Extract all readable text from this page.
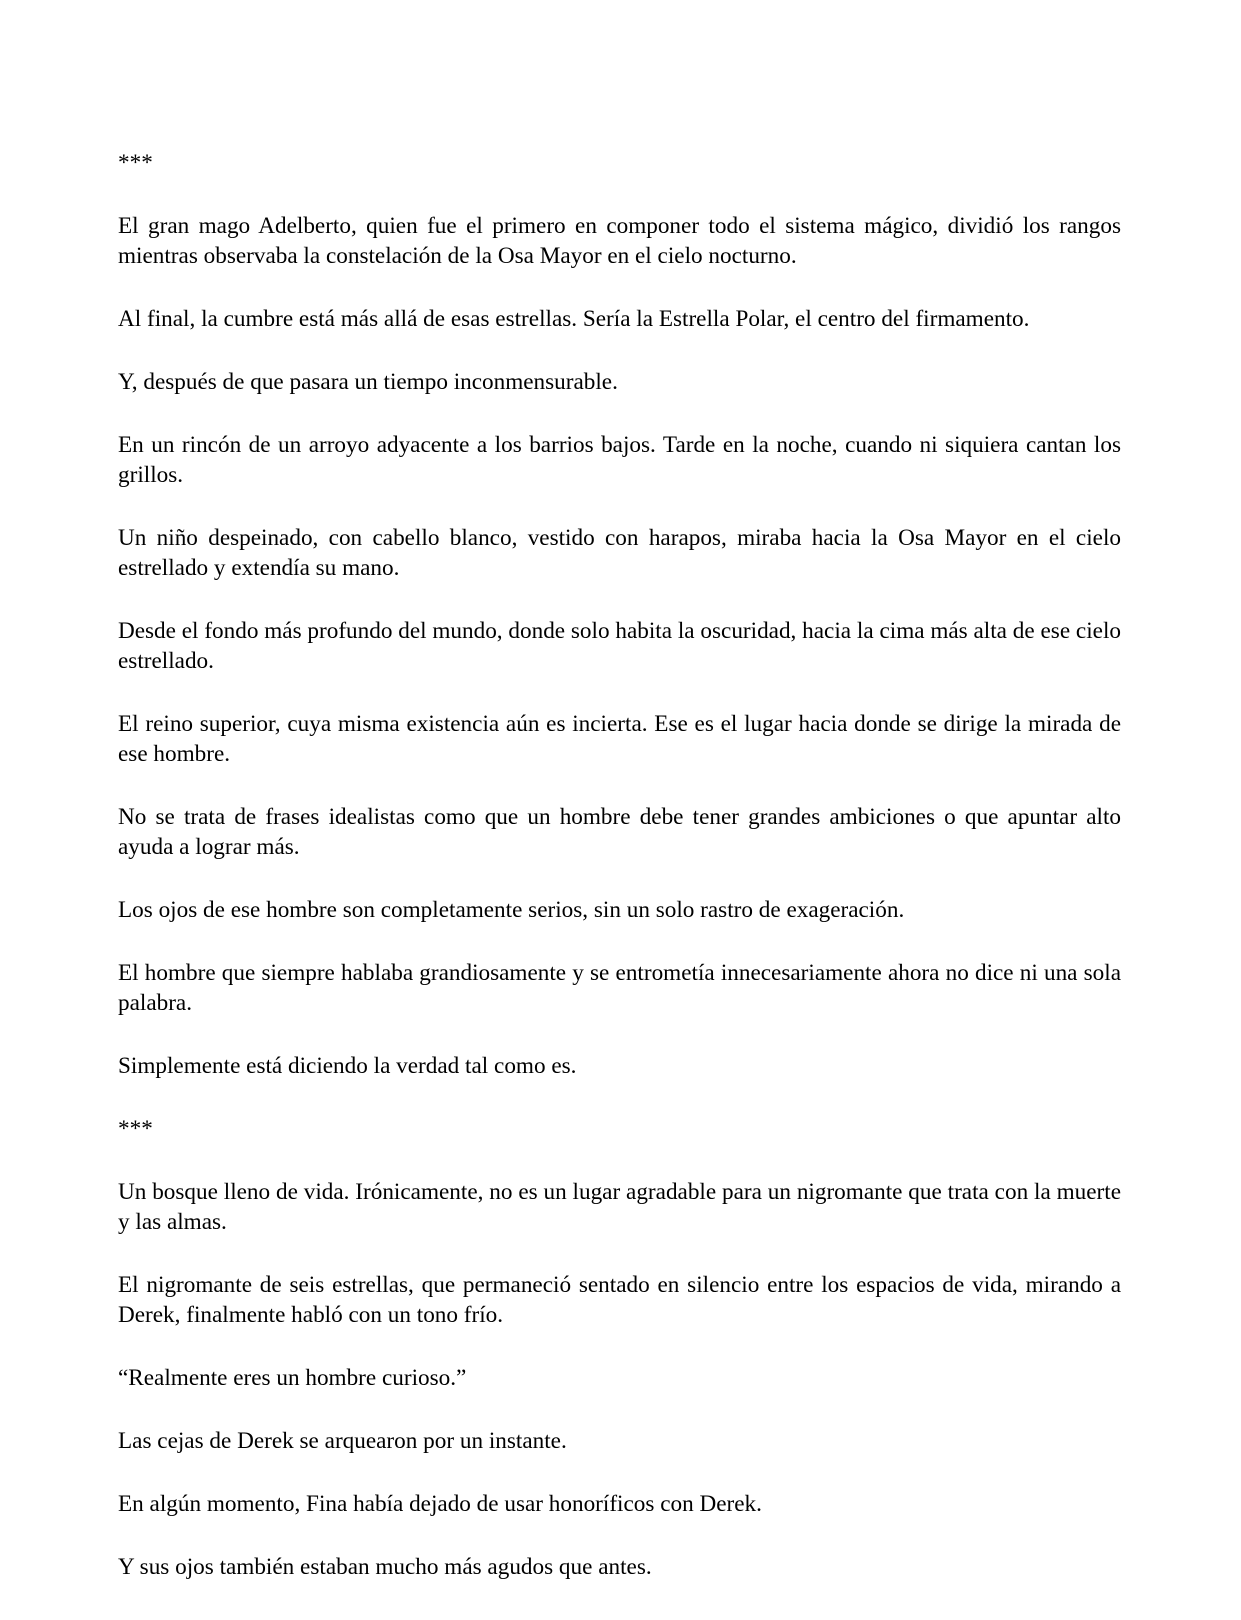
***

El gran mago Adelberto, quien fue el primero en componer todo el sistema mágico, dividió los rangos mientras observaba la constelación de la Osa Mayor en el cielo nocturno.

Al final, la cumbre está más allá de esas estrellas. Sería la Estrella Polar, el centro del firmamento.

Y, después de que pasara un tiempo inconmensurable.

En un rincón de un arroyo adyacente a los barrios bajos. Tarde en la noche, cuando ni siquiera cantan los grillos.

Un niño despeinado, con cabello blanco, vestido con harapos, miraba hacia la Osa Mayor en el cielo estrellado y extendía su mano.

Desde el fondo más profundo del mundo, donde solo habita la oscuridad, hacia la cima más alta de ese cielo estrellado.

El reino superior, cuya misma existencia aún es incierta. Ese es el lugar hacia donde se dirige la mirada de ese hombre.

No se trata de frases idealistas como que un hombre debe tener grandes ambiciones o que apuntar alto ayuda a lograr más.

Los ojos de ese hombre son completamente serios, sin un solo rastro de exageración.

El hombre que siempre hablaba grandiosamente y se entrometía innecesariamente ahora no dice ni una sola palabra.

Simplemente está diciendo la verdad tal como es.

***

Un bosque lleno de vida. Irónicamente, no es un lugar agradable para un nigromante que trata con la muerte y las almas.

El nigromante de seis estrellas, que permaneció sentado en silencio entre los espacios de vida, mirando a Derek, finalmente habló con un tono frío.

“Realmente eres un hombre curioso.”

Las cejas de Derek se arquearon por un instante.

En algún momento, Fina había dejado de usar honoríficos con Derek.

Y sus ojos también estaban mucho más agudos que antes.
